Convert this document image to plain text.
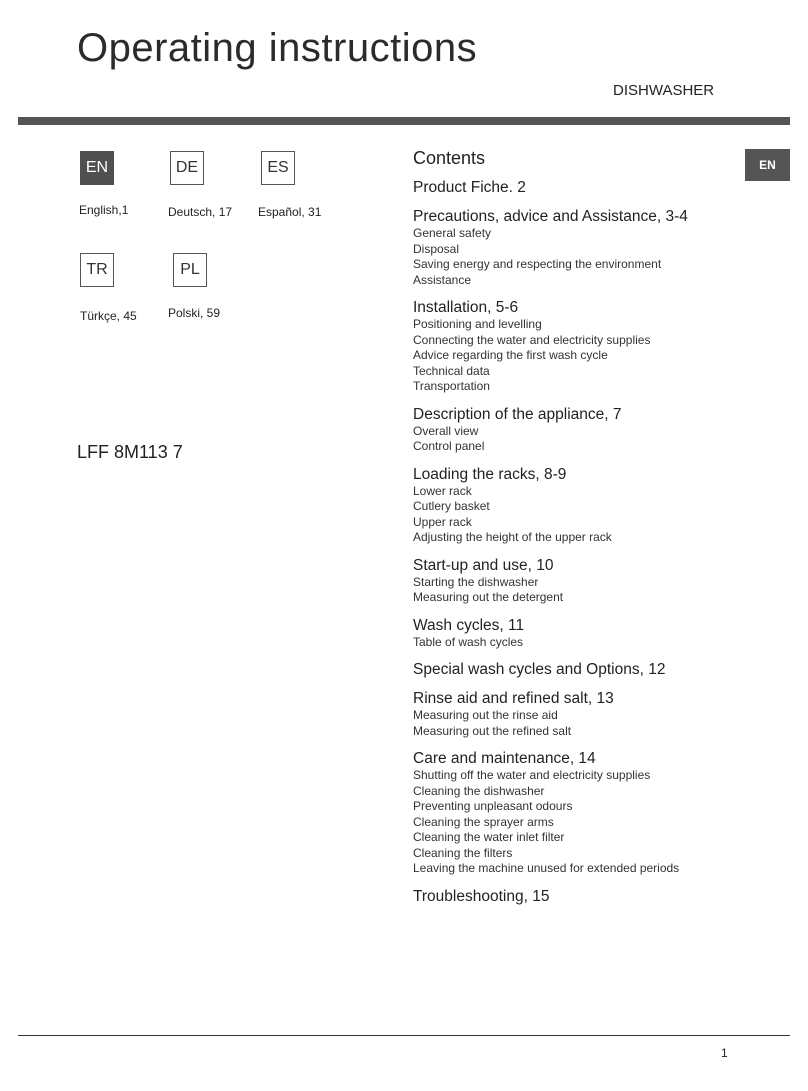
Operating instructions
DISHWASHER
EN
English,1
DE
Deutsch, 17
ES
Español, 31
TR
Türkçe, 45
PL
Polski, 59
LFF 8M113 7
EN
Contents
Product Fiche. 2
Precautions, advice and Assistance, 3-4
General safety
Disposal
Saving energy and respecting the environment
Assistance
Installation, 5-6
Positioning and levelling
Connecting the water and electricity supplies
Advice regarding the first wash cycle
Technical data
Transportation
Description of the appliance, 7
Overall view
Control panel
Loading the racks, 8-9
Lower rack
Cutlery basket
Upper rack
Adjusting the height of the upper rack
Start-up and use, 10
Starting the dishwasher
Measuring out the detergent
Wash cycles, 11
Table of wash cycles
Special wash cycles and Options, 12
Rinse aid and refined salt, 13
Measuring out the rinse aid
Measuring out the refined salt
Care and maintenance, 14
Shutting off the water and electricity supplies
Cleaning the dishwasher
Preventing unpleasant odours
Cleaning the sprayer arms
Cleaning the water inlet filter
Cleaning the filters
Leaving the machine unused for extended periods
Troubleshooting, 15
1
